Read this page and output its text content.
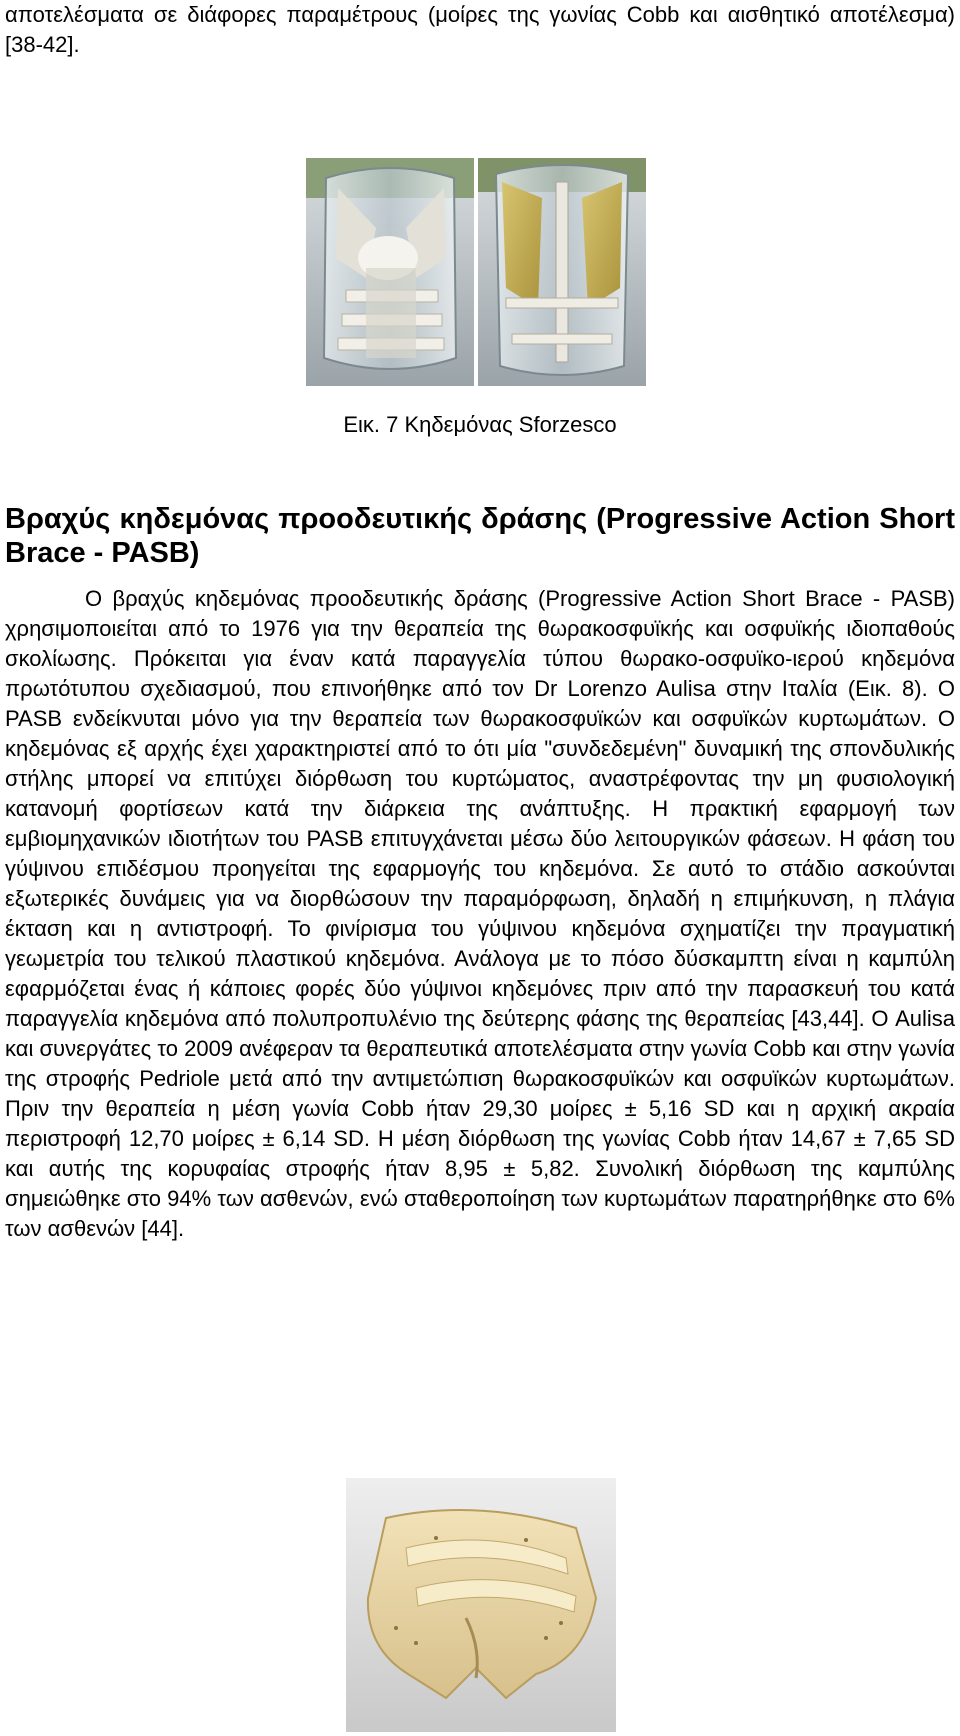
αποτελέσματα σε διάφορες παραμέτρους (μοίρες της γωνίας Cobb και αισθητικό αποτέλεσμα) [38-42].
Εικ. 7 Κηδεμόνας Sforzesco
Βραχύς κηδεμόνας προοδευτικής δράσης (Progressive Action Short Brace - PASB)
Ο βραχύς κηδεμόνας προοδευτικής δράσης (Progressive Action Short Brace - PASB) χρησιμοποιείται από το 1976 για την θεραπεία της θωρακοσφυϊκής και οσφυϊκής ιδιοπαθούς σκολίωσης. Πρόκειται για έναν κατά παραγγελία τύπου θωρακο-οσφυϊκο-ιερού κηδεμόνα πρωτότυπου σχεδιασμού, που επινοήθηκε από τον Dr Lorenzo Aulisa στην Ιταλία (Εικ. 8). Ο PASB ενδείκνυται μόνο για την θεραπεία των θωρακοσφυϊκών και οσφυϊκών κυρτωμάτων. Ο κηδεμόνας εξ αρχής έχει χαρακτηριστεί από το ότι μία "συνδεδεμένη" δυναμική της σπονδυλικής στήλης μπορεί να επιτύχει διόρθωση του κυρτώματος, αναστρέφοντας την μη φυσιολογική κατανομή φορτίσεων κατά την διάρκεια της ανάπτυξης. Η πρακτική εφαρμογή των εμβιομηχανικών ιδιοτήτων του PASB επιτυγχάνεται μέσω δύο λειτουργικών φάσεων. Η φάση του γύψινου επιδέσμου προηγείται της εφαρμογής του κηδεμόνα. Σε αυτό το στάδιο ασκούνται εξωτερικές δυνάμεις για να διορθώσουν την παραμόρφωση, δηλαδή η επιμήκυνση, η πλάγια έκταση και η αντιστροφή. Το φινίρισμα του γύψινου κηδεμόνα σχηματίζει την πραγματική γεωμετρία του τελικού πλαστικού κηδεμόνα. Ανάλογα με το πόσο δύσκαμπτη είναι η καμπύλη εφαρμόζεται ένας ή κάποιες φορές δύο γύψινοι κηδεμόνες πριν από την παρασκευή του κατά παραγγελία κηδεμόνα από πολυπροπυλένιο της δεύτερης φάσης της θεραπείας [43,44]. Ο Aulisa και συνεργάτες το 2009 ανέφεραν τα θεραπευτικά αποτελέσματα στην γωνία Cobb και στην γωνία της στροφής Pedriole μετά από την αντιμετώπιση θωρακοσφυϊκών και οσφυϊκών κυρτωμάτων. Πριν την θεραπεία η μέση γωνία Cobb ήταν 29,30 μοίρες ± 5,16 SD και η αρχική ακραία περιστροφή 12,70 μοίρες ± 6,14 SD. Η μέση διόρθωση της γωνίας Cobb ήταν 14,67 ± 7,65 SD και αυτής της κορυφαίας στροφής ήταν 8,95 ± 5,82. Συνολική διόρθωση της καμπύλης σημειώθηκε στο 94% των ασθενών, ενώ σταθεροποίηση των κυρτωμάτων παρατηρήθηκε στο 6% των ασθενών [44].
